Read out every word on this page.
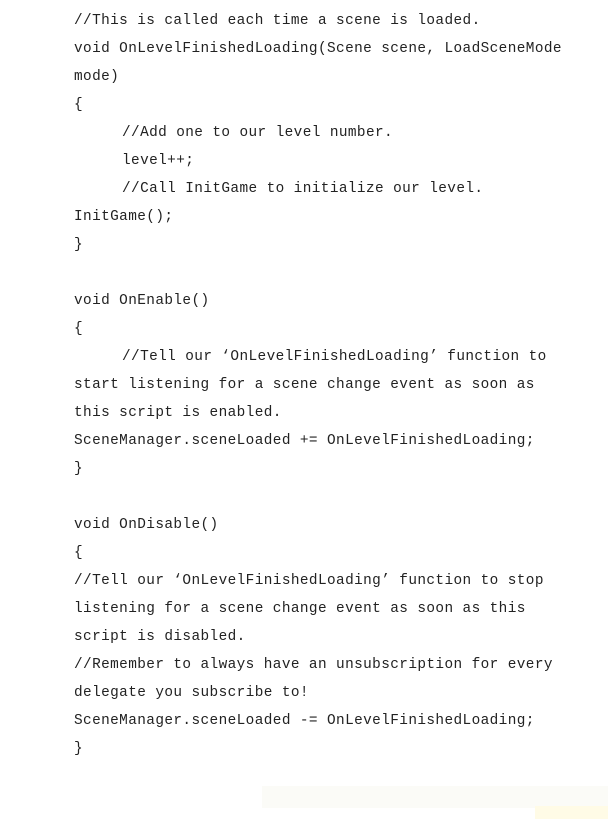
//This is called each time a scene is loaded.
void OnLevelFinishedLoading(Scene scene, LoadSceneMode
mode)
{
//Add one to our level number.
level++;
//Call InitGame to initialize our level.
InitGame();
}
void OnEnable()
{
//Tell our ‘OnLevelFinishedLoading’ function to
start listening for a scene change event as soon as
this script is enabled.
SceneManager.sceneLoaded += OnLevelFinishedLoading;
}
void OnDisable()
{
//Tell our ‘OnLevelFinishedLoading’ function to stop
listening for a scene change event as soon as this
script is disabled.
//Remember to always have an unsubscription for every
delegate you subscribe to!
SceneManager.sceneLoaded -= OnLevelFinishedLoading;
}
